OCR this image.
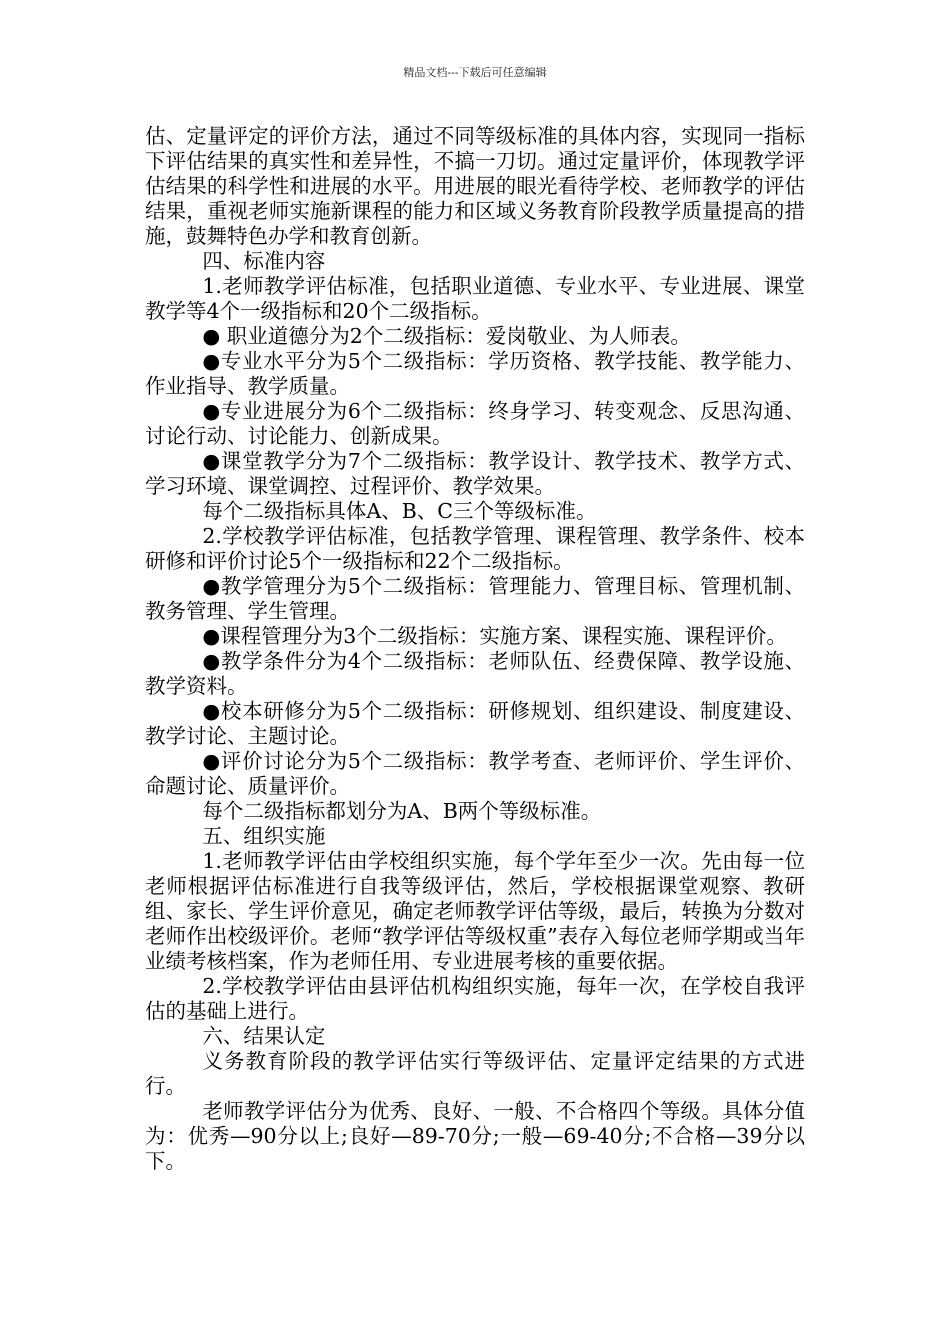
精品文档---下载后可任意编辑

估、定量评定的评价方法，通过不同等级标准的具体内容，实现同一指标下评估结果的真实性和差异性，不搞一刀切。通过定量评价，体现教学评估结果的科学性和进展的水平。用进展的眼光看待学校、老师教学的评估结果，重视老师实施新课程的能力和区域义务教育阶段教学质量提高的措施，鼓舞特色办学和教育创新。

四、标准内容

1.老师教学评估标准，包括职业道德、专业水平、专业进展、课堂教学等4个一级指标和20个二级指标。

● 职业道德分为2个二级指标：爱岗敬业、为人师表。

●专业水平分为5个二级指标：学历资格、教学技能、教学能力、作业指导、教学质量。

●专业进展分为6个二级指标：终身学习、转变观念、反思沟通、讨论行动、讨论能力、创新成果。

●课堂教学分为7个二级指标：教学设计、教学技术、教学方式、学习环境、课堂调控、过程评价、教学效果。

每个二级指标具体A、B、C三个等级标准。

2.学校教学评估标准，包括教学管理、课程管理、教学条件、校本研修和评价讨论5个一级指标和22个二级指标。

●教学管理分为5个二级指标：管理能力、管理目标、管理机制、教务管理、学生管理。

●课程管理分为3个二级指标：实施方案、课程实施、课程评价。

●教学条件分为4个二级指标：老师队伍、经费保障、教学设施、教学资料。

●校本研修分为5个二级指标：研修规划、组织建设、制度建设、教学讨论、主题讨论。

●评价讨论分为5个二级指标：教学考查、老师评价、学生评价、命题讨论、质量评价。

每个二级指标都划分为A、B两个等级标准。

五、组织实施

1.老师教学评估由学校组织实施，每个学年至少一次。先由每一位老师根据评估标准进行自我等级评估，然后，学校根据课堂观察、教研组、家长、学生评价意见，确定老师教学评估等级，最后，转换为分数对老师作出校级评价。老师“教学评估等级权重”表存入每位老师学期或当年业绩考核档案，作为老师任用、专业进展考核的重要依据。

2.学校教学评估由县评估机构组织实施，每年一次，在学校自我评估的基础上进行。

六、结果认定

义务教育阶段的教学评估实行等级评估、定量评定结果的方式进行。

老师教学评估分为优秀、良好、一般、不合格四个等级。具体分值为：优秀—90分以上;良好—89-70分;一般—69-40分;不合格—39分以下。
